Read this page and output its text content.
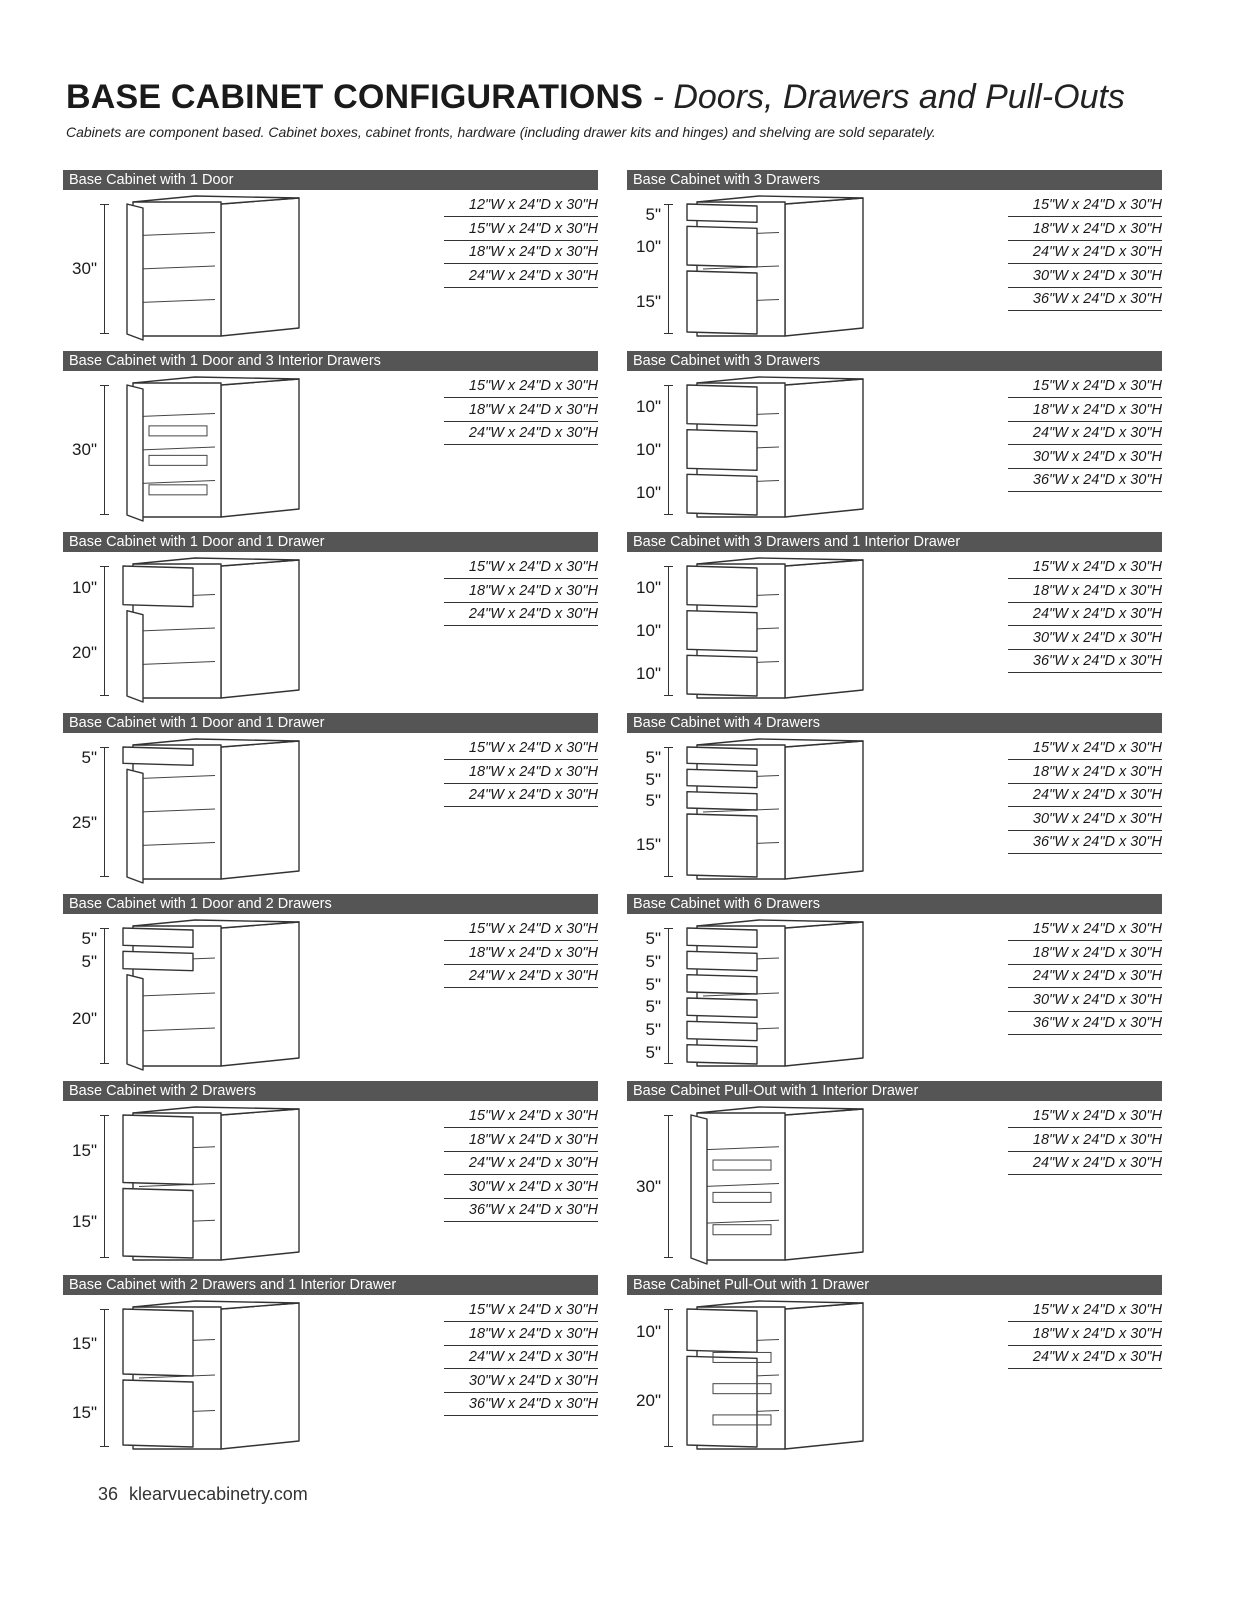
BASE CABINET CONFIGURATIONS - Doors, Drawers and Pull-Outs
Cabinets are component based. Cabinet boxes, cabinet fronts, hardware (including drawer kits and hinges) and shelving are sold separately.
Base Cabinet with 1 Door
30"
12"W x 24"D x 30"H
15"W x 24"D x 30"H
18"W x 24"D x 30"H
24"W x 24"D x 30"H
Base Cabinet with 3 Drawers
5"
10"
15"
15"W x 24"D x 30"H
18"W x 24"D x 30"H
24"W x 24"D x 30"H
30"W x 24"D x 30"H
36"W x 24"D x 30"H
Base Cabinet with 1 Door and 3 Interior Drawers
30"
15"W x 24"D x 30"H
18"W x 24"D x 30"H
24"W x 24"D x 30"H
Base Cabinet with 3 Drawers
10"
10"
10"
15"W x 24"D x 30"H
18"W x 24"D x 30"H
24"W x 24"D x 30"H
30"W x 24″D x 30"H
36"W x 24"D x 30"H
Base Cabinet with 1 Door and 1 Drawer
10"
20"
15"W x 24"D x 30"H
18"W x 24"D x 30"H
24"W x 24"D x 30"H
Base Cabinet with 3 Drawers and 1 Interior Drawer
10"
10"
10"
15"W x 24"D x 30"H
18"W x 24"D x 30"H
24"W x 24"D x 30"H
30"W x 24"D x 30"H
36"W x 24"D x 30"H
Base Cabinet with 1 Door and 1 Drawer
5"
25"
15"W x 24"D x 30"H
18"W x 24"D x 30"H
24"W x 24"D x 30"H
Base Cabinet with 4 Drawers
5"
5"
5"
15"
15"W x 24"D x 30"H
18"W x 24"D x 30"H
24"W x 24"D x 30"H
30"W x 24"D x 30"H
36"W x 24"D x 30"H
Base Cabinet with 1 Door and 2 Drawers
5"
5"
20"
15"W x 24"D x 30"H
18"W x 24"D x 30"H
24"W x 24"D x 30"H
Base Cabinet with 6 Drawers
5"
5"
5"
5"
5"
5"
15"W x 24"D x 30"H
18"W x 24"D x 30"H
24"W x 24"D x 30"H
30"W x 24"D x 30"H
36"W x 24"D x 30"H
Base Cabinet with 2 Drawers
15"
15"
15"W x 24"D x 30"H
18"W x 24"D x 30"H
24"W x 24"D x 30"H
30"W x 24"D x 30"H
36"W x 24"D x 30"H
Base Cabinet Pull-Out with 1 Interior Drawer
30"
15"W x 24"D x 30"H
18"W x 24"D x 30"H
24"W x 24"D x 30"H
Base Cabinet with 2 Drawers and 1 Interior Drawer
15"
15"
15"W x 24"D x 30"H
18"W x 24"D x 30"H
24"W x 24"D x 30"H
30"W x 24"D x 30"H
36"W x 24"D x 30"H
Base Cabinet Pull-Out with 1 Drawer
10"
20"
15"W x 24"D x 30"H
18"W x 24"D x 30"H
24"W x 24"D x 30"H
36 klearvuecabinetry.com
